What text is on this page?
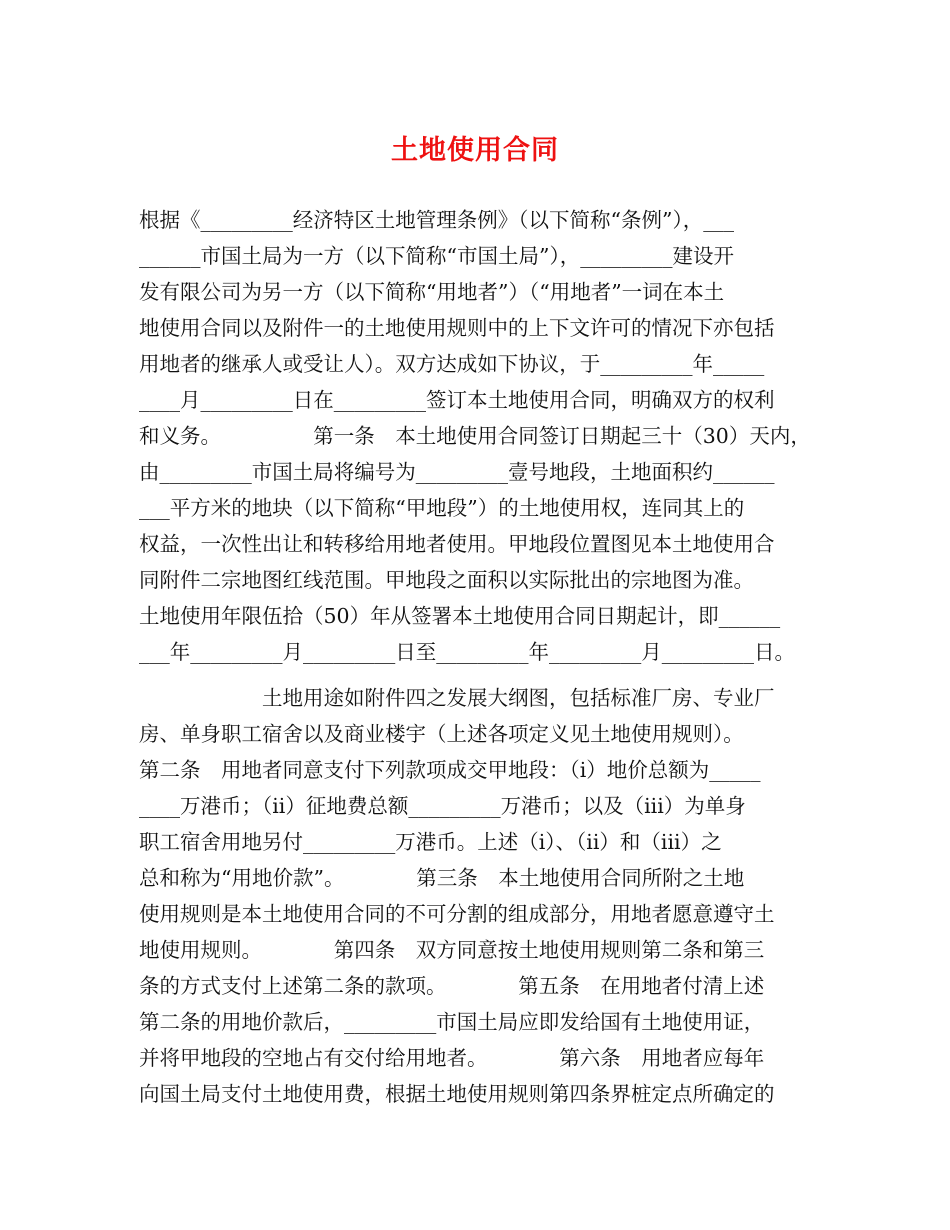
土地使用合同
根据《_________经济特区土地管理条例》（以下简称“条例”），___
______市国土局为一方（以下简称“市国土局”），_________建设开
发有限公司为另一方（以下简称“用地者”）（“用地者”一词在本土
地使用合同以及附件一的土地使用规则中的上下文许可的情况下亦包括
用地者的继承人或受让人）。双方达成如下协议，于_________年_____
____月_________日在_________签订本土地使用合同，明确双方的权利
和义务。　　　　　第一条　本土地使用合同签订日期起三十（30）天内，
由_________市国土局将编号为_________壹号地段，土地面积约______
___平方米的地块（以下简称“甲地段”）的土地使用权，连同其上的
权益，一次性出让和转移给用地者使用。甲地段位置图见本土地使用合
同附件二宗地图红线范围。甲地段之面积以实际批出的宗地图为准。
土地使用年限伍拾（50）年从签署本土地使用合同日期起计，即______
___年_________月_________日至_________年_________月_________日。
　　　　　　土地用途如附件四之发展大纲图，包括标准厂房、专业厂
房、单身职工宿舍以及商业楼宇（上述各项定义见土地使用规则）。
第二条　用地者同意支付下列款项成交甲地段：（i）地价总额为_____
____万港币；（ii）征地费总额_________万港币；以及（iii）为单身
职工宿舍用地另付_________万港币。上述（i）、（ii）和（iii）之
总和称为“用地价款”。　　　　第三条　本土地使用合同所附之土地
使用规则是本土地使用合同的不可分割的组成部分，用地者愿意遵守土
地使用规则。　　　　第四条　双方同意按土地使用规则第二条和第三
条的方式支付上述第二条的款项。　　　　第五条　在用地者付清上述
第二条的用地价款后，_________市国土局应即发给国有土地使用证，
并将甲地段的空地占有交付给用地者。　　　　第六条　用地者应每年
向国土局支付土地使用费，根据土地使用规则第四条界桩定点所确定的
